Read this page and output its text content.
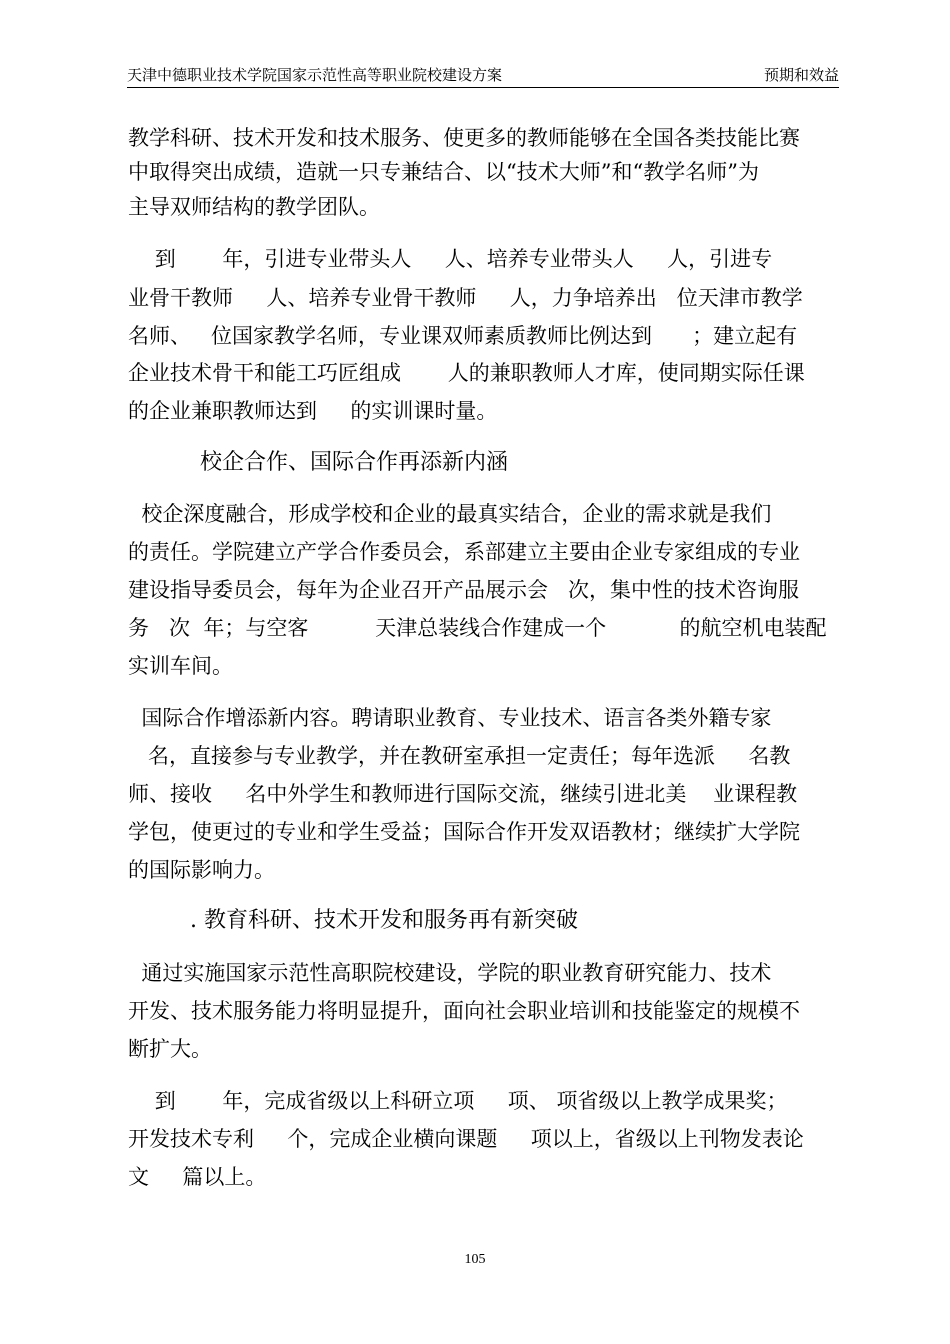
天津中德职业技术学院国家示范性高等职业院校建设方案	预期和效益
教学科研、技术开发和技术服务、使更多的教师能够在全国各类技能比赛
中取得突出成绩，造就一只专兼结合、以“技术大师”和“教学名师”为
主导双师结构的教学团队。
到       年，引进专业带头人     人、培养专业带头人     人，引进专
业骨干教师     人、培养专业骨干教师     人，力争培养出   位天津市教学
名师、   位国家教学名师，专业课双师素质教师比例达到      ；建立起有
企业技术骨干和能工巧匠组成       人的兼职教师人才库，使同期实际任课
的企业兼职教师达到     的实训课时量。
校企合作、国际合作再添新内涵
校企深度融合，形成学校和企业的最真实结合，企业的需求就是我们
的责任。学院建立产学合作委员会，系部建立主要由企业专家组成的专业
建设指导委员会，每年为企业召开产品展示会   次，集中性的技术咨询服
务   次  年；与空客          天津总装线合作建成一个           的航空机电装配
实训车间。
国际合作增添新内容。聘请职业教育、专业技术、语言各类外籍专家
名，直接参与专业教学，并在教研室承担一定责任；每年选派     名教
师、接收     名中外学生和教师进行国际交流，继续引进北美    业课程教
学包，使更过的专业和学生受益；国际合作开发双语教材；继续扩大学院
的国际影响力。
. 教育科研、技术开发和服务再有新突破
通过实施国家示范性高职院校建设，学院的职业教育研究能力、技术
开发、技术服务能力将明显提升，面向社会职业培训和技能鉴定的规模不
断扩大。
到       年，完成省级以上科研立项     项、 项省级以上教学成果奖；
开发技术专利     个，完成企业横向课题     项以上，省级以上刊物发表论
文     篇以上。
105
